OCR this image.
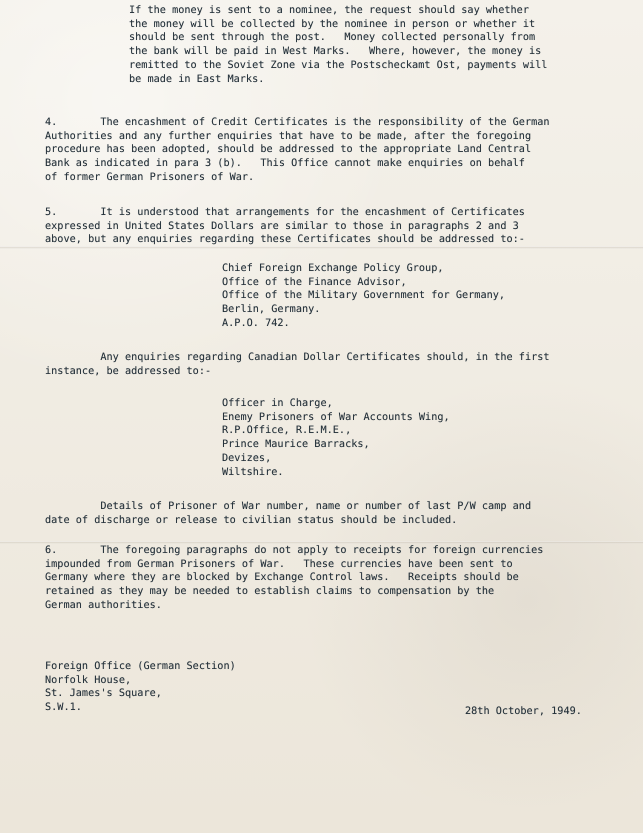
If the money is sent to a nominee, the request should say whether
the money will be collected by the nominee in person or whether it
should be sent through the post.   Money collected personally from
the bank will be paid in West Marks.   Where, however, the money is
remitted to the Soviet Zone via the Postscheckamt Ost, payments will
be made in East Marks.
4.       The encashment of Credit Certificates is the responsibility of the German
Authorities and any further enquiries that have to be made, after the foregoing
procedure has been adopted, should be addressed to the appropriate Land Central
Bank as indicated in para 3 (b).   This Office cannot make enquiries on behalf
of former German Prisoners of War.
5.       It is understood that arrangements for the encashment of Certificates
expressed in United States Dollars are similar to those in paragraphs 2 and 3
above, but any enquiries regarding these Certificates should be addressed to:-
Chief Foreign Exchange Policy Group,
Office of the Finance Advisor,
Office of the Military Government for Germany,
Berlin, Germany.
A.P.O. 742.
Any enquiries regarding Canadian Dollar Certificates should, in the first
instance, be addressed to:-
Officer in Charge,
Enemy Prisoners of War Accounts Wing,
R.P.Office, R.E.M.E.,
Prince Maurice Barracks,
Devizes,
Wiltshire.
Details of Prisoner of War number, name or number of last P/W camp and
date of discharge or release to civilian status should be included.
6.       The foregoing paragraphs do not apply to receipts for foreign currencies
impounded from German Prisoners of War.   These currencies have been sent to
Germany where they are blocked by Exchange Control laws.   Receipts should be
retained as they may be needed to establish claims to compensation by the
German authorities.
Foreign Office (German Section)
Norfolk House,
St. James's Square,
S.W.1.	28th October, 1949.
